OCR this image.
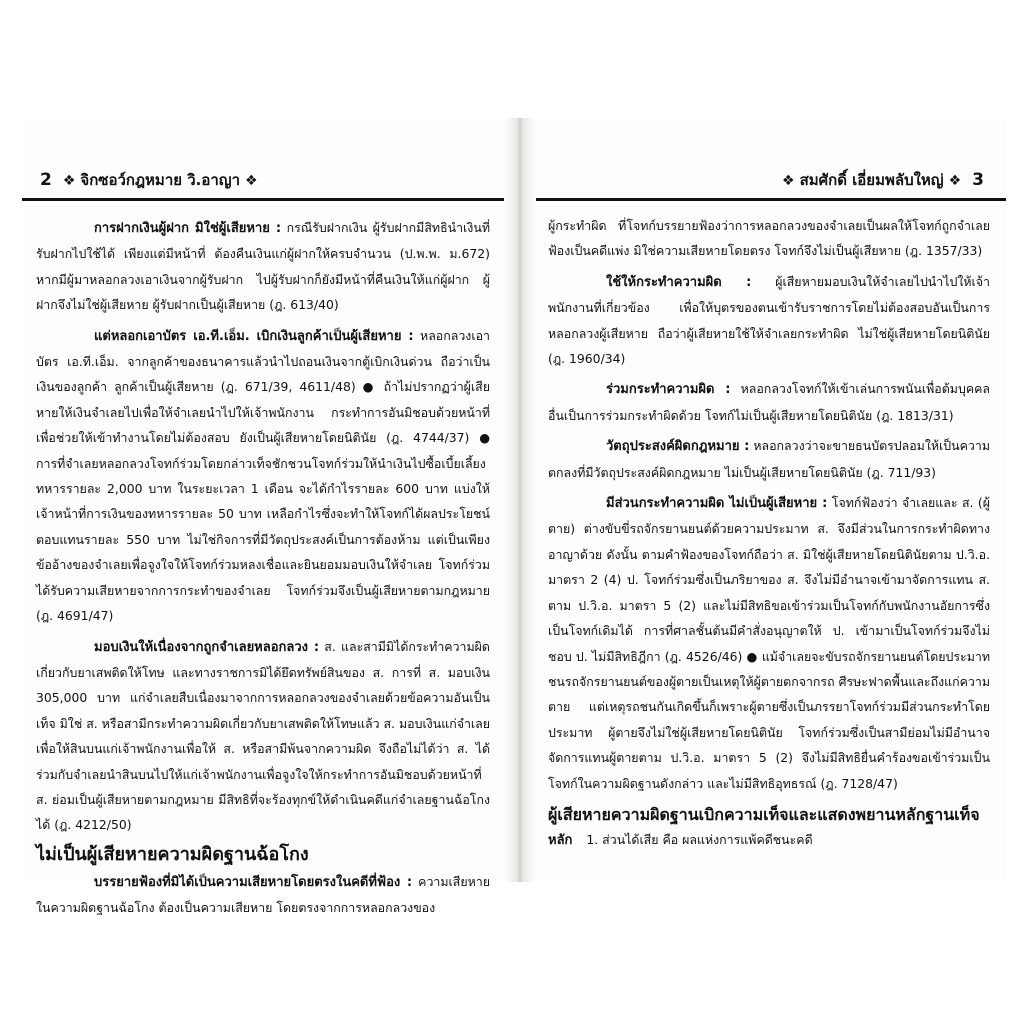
2 ❖ จิกซอว์กฎหมาย วิ.อาญา ❖

การฝากเงินผู้ฝาก มิใช่ผู้เสียหาย : กรณีรับฝากเงิน ผู้รับฝากมีสิทธินำเงินที่รับฝากไปใช้ได้ เพียงแต่มีหน้าที่ ต้องคืนเงินแก่ผู้ฝากให้ครบจำนวน (ป.พ.พ. ม.672) หากมีผู้มาหลอกลวงเอาเงินจากผู้รับฝาก ไปผู้รับฝากก็ยังมีหน้าที่คืนเงินให้แก่ผู้ฝาก ผู้ฝากจึงไม่ใช่ผู้เสียหาย ผู้รับฝากเป็นผู้เสียหาย (ฎ. 613/40)

แต่หลอกเอาบัตร เอ.ที.เอ็ม. เบิกเงินลูกค้าเป็นผู้เสียหาย : หลอกลวงเอาบัตร เอ.ที.เอ็ม. จากลูกค้าของธนาคารแล้วนำไปถอนเงินจากตู้เบิกเงินด่วน ถือว่าเป็นเงินของลูกค้า ลูกค้าเป็นผู้เสียหาย (ฎ. 671/39, 4611/48) ● ถ้าไม่ปรากฏว่าผู้เสียหายให้เงินจำเลยไปเพื่อให้จำเลยนำไปให้เจ้าพนักงาน กระทำการอันมิชอบด้วยหน้าที่เพื่อช่วยให้เข้าทำงานโดยไม่ต้องสอบ ยังเป็นผู้เสียหายโดยนิตินัย (ฎ. 4744/37) ● การที่จำเลยหลอกลวงโจทก์ร่วมโดยกล่าวเท็จชักชวนโจทก์ร่วมให้นำเงินไปซื้อเบี้ยเลี้ยงทหารรายละ 2,000 บาท ในระยะเวลา 1 เดือน จะได้กำไรรายละ 600 บาท แบ่งให้เจ้าหน้าที่การเงินของทหารรายละ 50 บาท เหลือกำไรซึ่งจะทำให้โจทก์ได้ผลประโยชน์ตอบแทนรายละ 550 บาท ไม่ใช่กิจการที่มีวัตถุประสงค์เป็นการต้องห้าม แต่เป็นเพียงข้ออ้างของจำเลยเพื่อจูงใจให้โจทก์ร่วมหลงเชื่อและยินยอมมอบเงินให้จำเลย โจทก์ร่วมได้รับความเสียหายจากการกระทำของจำเลย โจทก์ร่วมจึงเป็นผู้เสียหายตามกฎหมาย (ฎ. 4691/47)

มอบเงินให้เนื่องจากถูกจำเลยหลอกลวง : ส. และสามีมิได้กระทำความผิดเกี่ยวกับยาเสพติดให้โทษ และทางราชการมิได้ยึดทรัพย์สินของ ส. การที่ ส. มอบเงิน 305,000 บาท แก่จำเลยสืบเนื่องมาจากการหลอกลวงของจำเลยด้วยข้อความอันเป็นเท็จ มิใช่ ส. หรือสามีกระทำความผิดเกี่ยวกับยาเสพติดให้โทษแล้ว ส. มอบเงินแก่จำเลยเพื่อให้สินบนแก่เจ้าพนักงานเพื่อให้ ส. หรือสามีพ้นจากความผิด จึงถือไม่ได้ว่า ส. ได้ร่วมกับจำเลยนำสินบนไปให้แก่เจ้าพนักงานเพื่อจูงใจให้กระทำการอันมิชอบด้วยหน้าที่ ส. ย่อมเป็นผู้เสียหายตามกฎหมาย มีสิทธิที่จะร้องทุกข์ให้ดำเนินคดีแก่จำเลยฐานฉ้อโกงได้ (ฎ. 4212/50)

ไม่เป็นผู้เสียหายความผิดฐานฉ้อโกง

บรรยายฟ้องที่มิได้เป็นความเสียหายโดยตรงในคดีที่ฟ้อง : ความเสียหายในความผิดฐานฉ้อโกง ต้องเป็นความเสียหาย โดยตรงจากการหลอกลวงของ

❖ สมศักดิ์ เอี่ยมพลับใหญ่ ❖ 3

ผู้กระทำผิด ที่โจทก์บรรยายฟ้องว่าการหลอกลวงของจำเลยเป็นผลให้โจทก์ถูกจำเลยฟ้องเป็นคดีแพ่ง มิใช่ความเสียหายโดยตรง โจทก์จึงไม่เป็นผู้เสียหาย (ฎ. 1357/33)

ใช้ให้กระทำความผิด : ผู้เสียหายมอบเงินให้จำเลยไปนำไปให้เจ้าพนักงานที่เกี่ยวข้อง เพื่อให้บุตรของตนเข้ารับราชการโดยไม่ต้องสอบอันเป็นการหลอกลวงผู้เสียหาย ถือว่าผู้เสียหายใช้ให้จำเลยกระทำผิด ไม่ใช่ผู้เสียหายโดยนิตินัย (ฎ. 1960/34)

ร่วมกระทำความผิด : หลอกลวงโจทก์ให้เข้าเล่นการพนันเพื่อต้มบุคคลอื่นเป็นการร่วมกระทำผิดด้วย โจทก์ไม่เป็นผู้เสียหายโดยนิตินัย (ฎ. 1813/31)

วัตถุประสงค์ผิดกฎหมาย : หลอกลวงว่าจะขายธนบัตรปลอมให้เป็นความตกลงที่มีวัตถุประสงค์ผิดกฎหมาย ไม่เป็นผู้เสียหายโดยนิตินัย (ฎ. 711/93)

มีส่วนกระทำความผิด ไม่เป็นผู้เสียหาย : โจทก์ฟ้องว่า จำเลยและ ส. (ผู้ตาย) ต่างขับขี่รถจักรยานยนต์ด้วยความประมาท ส. จึงมีส่วนในการกระทำผิดทางอาญาด้วย ดังนั้น ตามคำฟ้องของโจทก์ถือว่า ส. มิใช่ผู้เสียหายโดยนิตินัยตาม ป.วิ.อ. มาตรา 2 (4) ป. โจทก์ร่วมซึ่งเป็นภริยาของ ส. จึงไม่มีอำนาจเข้ามาจัดการแทน ส. ตาม ป.วิ.อ. มาตรา 5 (2) และไม่มีสิทธิขอเข้าร่วมเป็นโจทก์กับพนักงานอัยการซึ่งเป็นโจทก์เดิมได้ การที่ศาลชั้นต้นมีคำสั่งอนุญาตให้ ป. เข้ามาเป็นโจทก์ร่วมจึงไม่ชอบ ป. ไม่มีสิทธิฎีกา (ฎ. 4526/46) ● แม้จำเลยจะขับรถจักรยานยนต์โดยประมาท ชนรถจักรยานยนต์ของผู้ตายเป็นเหตุให้ผู้ตายตกจากรถ ศีรษะฟาดพื้นและถึงแก่ความตาย แต่เหตุรถชนกันเกิดขึ้นก็เพราะผู้ตายซึ่งเป็นภรรยาโจทก์ร่วมมีส่วนกระทำโดยประมาท ผู้ตายจึงไม่ใช่ผู้เสียหายโดยนิตินัย โจทก์ร่วมซึ่งเป็นสามีย่อมไม่มีอำนาจจัดการแทนผู้ตายตาม ป.วิ.อ. มาตรา 5 (2) จึงไม่มีสิทธิยื่นคำร้องขอเข้าร่วมเป็นโจทก์ในความผิดฐานดังกล่าว และไม่มีสิทธิอุทธรณ์ (ฎ. 7128/47)

ผู้เสียหายความผิดฐานเบิกความเท็จและแสดงพยานหลักฐานเท็จ
หลัก 1. ส่วนได้เสีย คือ ผลแห่งการแพ้คดีชนะคดี
